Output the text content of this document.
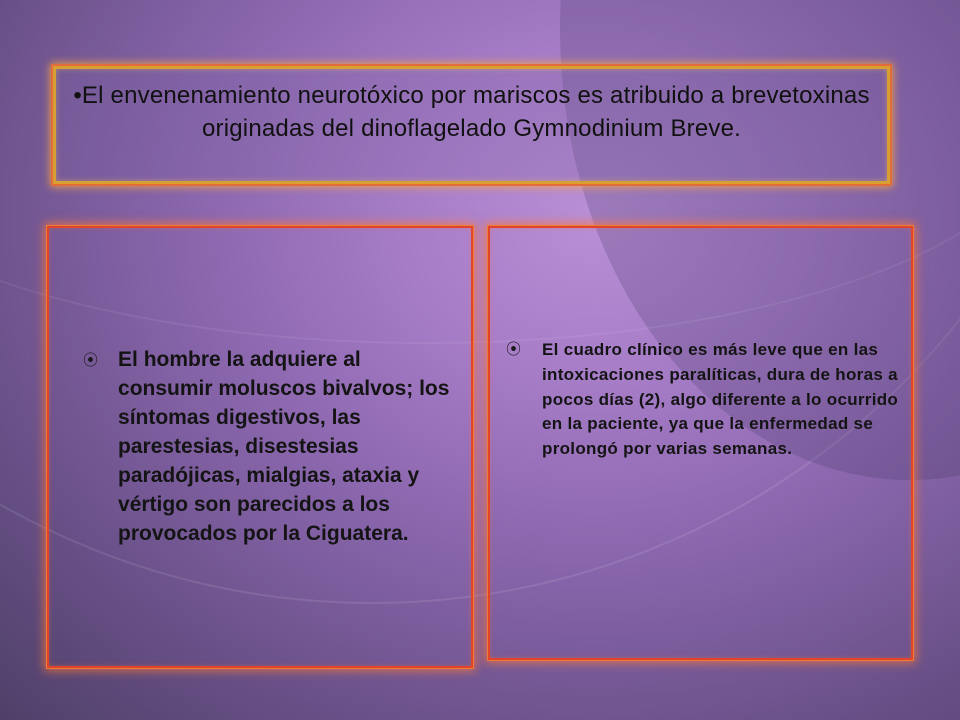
•El envenenamiento neurotóxico por mariscos es atribuido a brevetoxinas originadas del dinoflagelado Gymnodinium Breve.

⦿ El hombre la adquiere al consumir moluscos bivalvos; los síntomas digestivos, las parestesias, disestesias paradójicas, mialgias, ataxia y vértigo son parecidos a los provocados por la Ciguatera.
⦿ El cuadro clínico es más leve que en las intoxicaciones paralíticas, dura de horas a pocos días (2), algo diferente a lo ocurrido en la paciente, ya que la enfermedad se prolongó por varias semanas.
